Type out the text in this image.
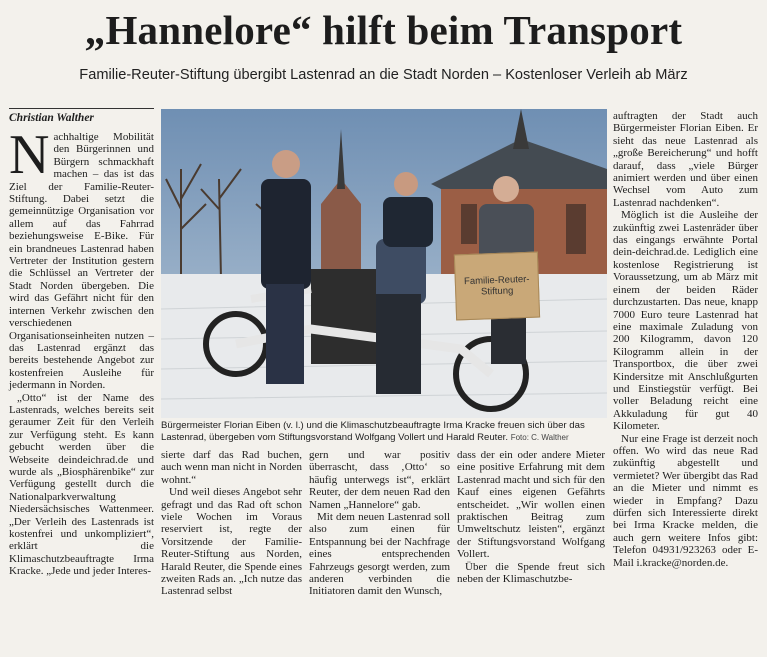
„Hannelore“ hilft beim Transport
Familie-Reuter-Stiftung übergibt Lastenrad an die Stadt Norden – Kostenloser Verleih ab März
Christian Walther

Nachhaltige Mobilität den Bürgerinnen und Bürgern schmackhaft machen – das ist das Ziel der Familie-Reuter-Stiftung. Dabei setzt die gemeinnützige Organisation vor allem auf das Fahrrad beziehungsweise E-Bike. Für ein brandneues Lastenrad haben Vertreter der Institution gestern die Schlüssel an Vertreter der Stadt Norden übergeben. Die wird das Gefährt nicht für den internen Verkehr zwischen den verschiedenen Organisationseinheiten nutzen – das Lastenrad ergänzt das bereits bestehende Angebot zur kostenfreien Ausleihe für jedermann in Norden.

„Otto“ ist der Name des Lastenrads, welches bereits seit geraumer Zeit für den Verleih zur Verfügung steht. Es kann gebucht werden über die Webseite deindeichrad.de und wurde als „Biosphärenbike“ zur Verfügung gestellt durch die Nationalparkverwaltung Niedersächsisches Wattenmeer. „Der Verleih des Lastenrads ist kostenfrei und unkompliziert“, erklärt die Klimaschutzbeauftragte Irma Kracke. „Jede und jeder Interes-

Familie-Reuter-Stiftung
Bürgermeister Florian Eiben (v. l.) und die Klimaschutzbeauftragte Irma Kracke freuen sich über das Lastenrad, übergeben vom Stiftungsvorstand Wolfgang Vollert und Harald Reuter. Foto: C. Walther

sierte darf das Rad buchen, auch wenn man nicht in Norden wohnt.“

Und weil dieses Angebot sehr gefragt und das Rad oft schon viele Wochen im Voraus reserviert ist, regte der Vorsitzende der Familie-Reuter-Stiftung aus Norden, Harald Reuter, die Spende eines zweiten Rads an. „Ich nutze das Lastenrad selbst

gern und war positiv überrascht, dass ‚Otto‘ so häufig unterwegs ist“, erklärt Reuter, der dem neuen Rad den Namen „Hannelore“ gab.

Mit dem neuen Lastenrad soll also zum einen für Entspannung bei der Nachfrage eines entsprechenden Fahrzeugs gesorgt werden, zum anderen verbinden die Initiatoren damit den Wunsch,

dass der ein oder andere Mieter eine positive Erfahrung mit dem Lastenrad macht und sich für den Kauf eines eigenen Gefährts entscheidet. „Wir wollen einen praktischen Beitrag zum Umweltschutz leisten“, ergänzt der Stiftungsvorstand Wolfgang Vollert.

Über die Spende freut sich neben der Klimaschutzbe-

auftragten der Stadt auch Bürgermeister Florian Eiben. Er sieht das neue Lastenrad als „große Bereicherung“ und hofft darauf, dass „viele Bürger animiert werden und über einen Wechsel vom Auto zum Lastenrad nachdenken“.

Möglich ist die Ausleihe der zukünftig zwei Lastenräder über das eingangs erwähnte Portal dein-deichrad.de. Lediglich eine kostenlose Registrierung ist Voraussetzung, um ab März mit einem der beiden Räder durchzustarten. Das neue, knapp 7000 Euro teure Lastenrad hat eine maximale Zuladung von 200 Kilogramm, davon 120 Kilogramm allein in der Transportbox, die über zwei Kindersitze mit Anschlußgurten und Einstiegstür verfügt. Bei voller Beladung reicht eine Akkuladung für gut 40 Kilometer.

Nur eine Frage ist derzeit noch offen. Wo wird das neue Rad zukünftig abgestellt und vermietet? Wer übergibt das Rad an die Mieter und nimmt es wieder in Empfang? Dazu dürfen sich Interessierte direkt bei Irma Kracke melden, die auch gern weitere Infos gibt: Telefon 04931/923263 oder E-Mail i.kracke@norden.de.
